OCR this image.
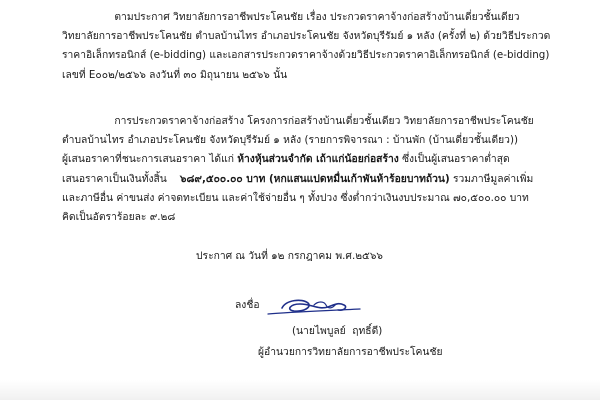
ตามประกาศ วิทยาลัยการอาชีพประโคนชัย เรื่อง ประกวดราคาจ้างก่อสร้างบ้านเดี่ยวชั้นเดียว
วิทยาลัยการอาชีพประโคนชัย ตำบลบ้านไทร อำเภอประโคนชัย จังหวัดบุรีรัมย์ ๑ หลัง (ครั้งที่ ๒) ด้วยวิธีประกวด
ราคาอิเล็กทรอนิกส์ (e-bidding) และเอกสารประกวดราคาจ้างด้วยวิธีประกวดราคาอิเล็กทรอนิกส์ (e-bidding)
เลขที่ E๐๐๒/๒๕๖๖ ลงวันที่ ๓๐ มิถุนายน ๒๕๖๖ นั้น
การประกวดราคาจ้างก่อสร้าง โครงการก่อสร้างบ้านเดี่ยวชั้นเดียว วิทยาลัยการอาชีพประโคนชัย
ตำบลบ้านไทร อำเภอประโคนชัย จังหวัดบุรีรัมย์ ๑ หลัง (รายการพิจารณา : บ้านพัก (บ้านเดี่ยวชั้นเดียว))
ผู้เสนอราคาที่ชนะการเสนอราคา ได้แก่ ห้างหุ้นส่วนจำกัด เถ้าแก่น้อยก่อสร้าง ซึ่งเป็นผู้เสนอราคาต่ำสุด
เสนอราคาเป็นเงินทั้งสิ้น    ๖๘๙,๕๐๐.๐๐ บาท (หกแสนแปดหมื่นเก้าพันห้าร้อยบาทถ้วน) รวมภาษีมูลค่าเพิ่ม
และภาษีอื่น ค่าขนส่ง ค่าจดทะเบียน และค่าใช้จ่ายอื่น ๆ ทั้งปวง ซึ่งต่ำกว่าเงินงบประมาณ ๗๐,๕๐๐.๐๐ บาท
คิดเป็นอัตราร้อยละ ๙.๒๘
ประกาศ ณ วันที่ ๑๒ กรกฎาคม พ.ศ.๒๕๖๖
ลงชื่อ
(นายไพบูลย์  ฤทธิ์ดี)
ผู้อำนวยการวิทยาลัยการอาชีพประโคนชัย
